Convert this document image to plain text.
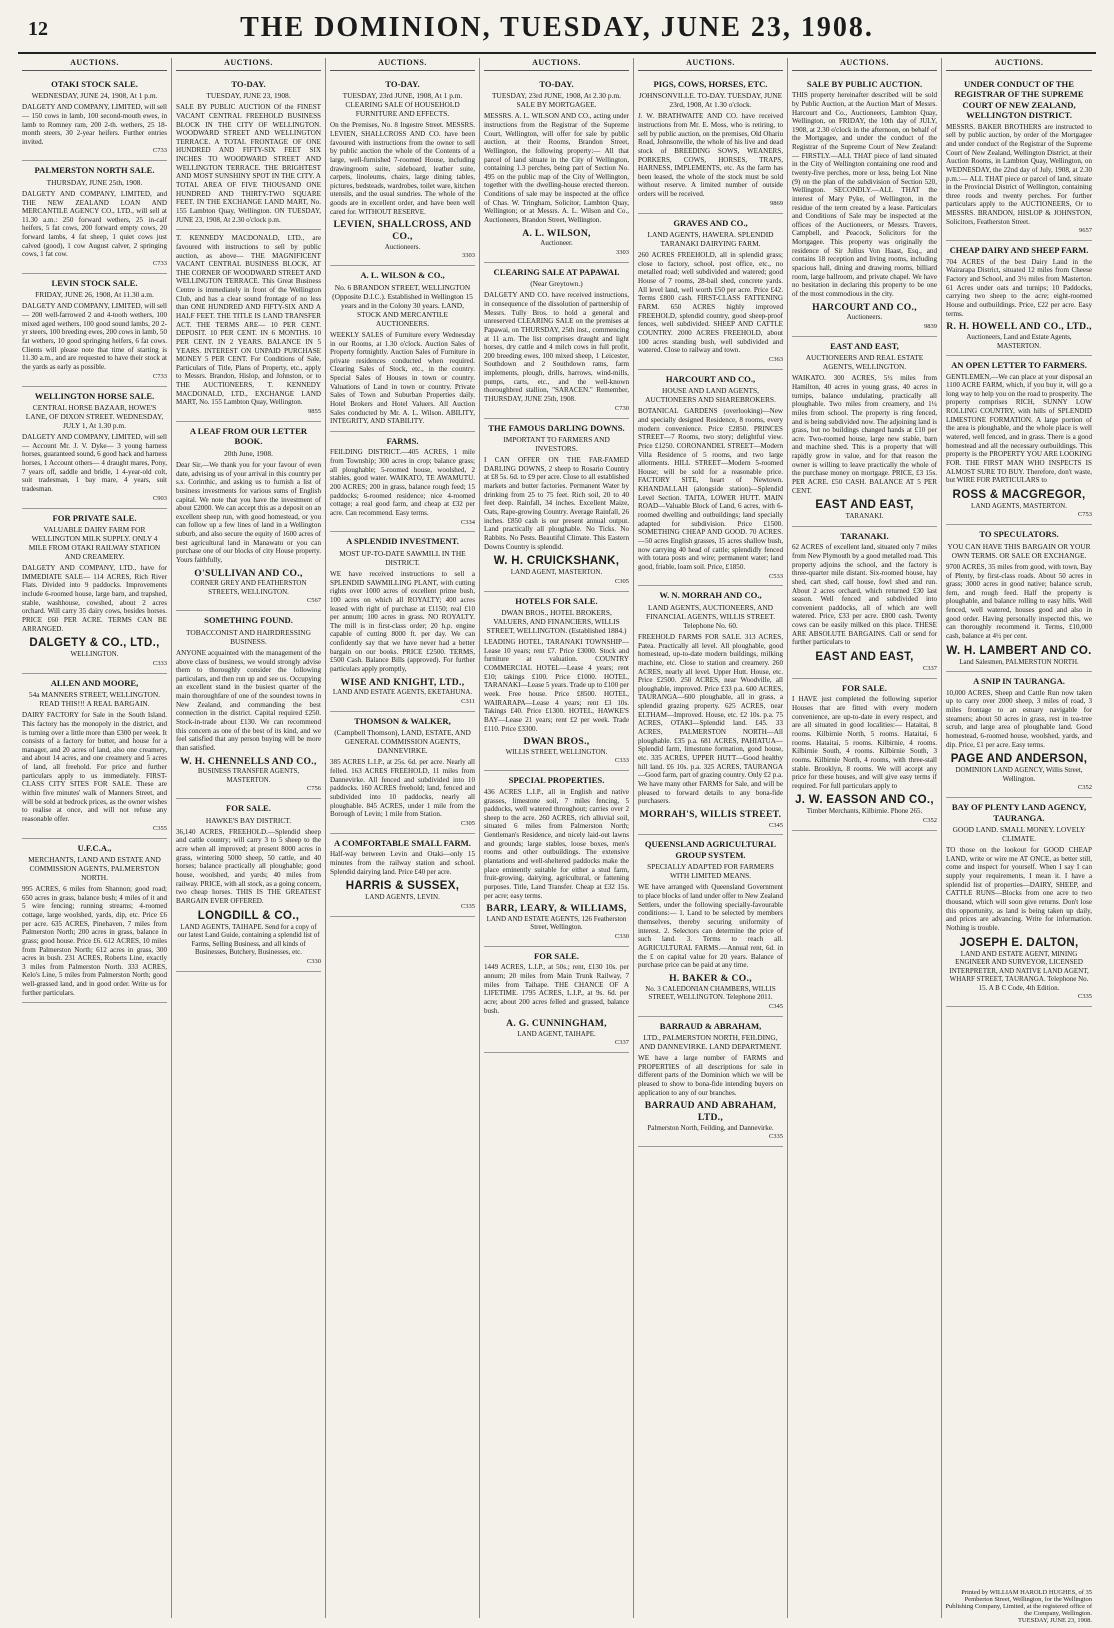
12	THE DOMINION, TUESDAY, JUNE 23, 1908.
AUCTIONS.
OTAKI STOCK SALE.
WEDNESDAY, JUNE 24, 1908, At 1 p.m.
DALGETY AND COMPANY, LIMITED, will sell— 150 cows in lamb, 100 second-mouth ewes, in lamb to Romney ram, 200 2-th. wethers, 25 18-month steers, 30 2-year heifers. Further entries invited.
C733
PALMERSTON NORTH SALE.
THURSDAY, JUNE 25th, 1908.
DALGETY AND COMPANY, LIMITED, and THE NEW ZEALAND LOAN AND MERCANTILE AGENCY CO., LTD., will sell at 11.30 a.m.: 250 forward wethers, 25 in-calf heifers, 5 fat cows, 200 forward empty cows, 20 forward lambs, 4 fat sheep, 1 quiet cows just calved (good), 1 cow August calver, 2 springing cows, 1 fat cow.
C733
LEVIN STOCK SALE.
FRIDAY, JUNE 26, 1908, At 11.30 a.m.
DALGETY AND COMPANY, LIMITED, will sell— 200 well-farrowed 2 and 4-tooth wethers, 100 mixed aged wethers, 100 good sound lambs, 20 2-yr steers, 100 breeding ewes, 200 cows in lamb, 50 fat wethers, 10 good springing heifers, 6 fat cows. Clients will please note that time of starting is 11.30 a.m., and are requested to have their stock at the yards as early as possible.
C733
WELLINGTON HORSE SALE.
CENTRAL HORSE BAZAAR, HOWE'S LANE, OF DIXON STREET. WEDNESDAY, JULY 1, At 1.30 p.m.
DALGETY AND COMPANY, LIMITED, will sell— Account Mr. J. V. Dyke— 3 young harness horses, guaranteed sound, 6 good hack and harness horses, 1 Account others— 4 draught mares, Pony, 7 years off, saddle and bridle, 1 4-year-old colt, suit tradesman, 1 bay mare, 4 years, suit tradesman.
C903
FOR PRIVATE SALE.
VALUABLE DAIRY FARM FOR WELLINGTON MILK SUPPLY. ONLY 4 MILE FROM OTAKI RAILWAY STATION AND CREAMERY.
DALGETY AND COMPANY, LTD., have for IMMEDIATE SALE— 114 ACRES, Rich River Flats. Divided into 9 paddocks. Improvements include 6-roomed house, large barn, and trapshed, stable, washhouse, cowshed, about 2 acres orchard. Will carry 35 dairy cows, besides horses. PRICE £60 PER ACRE. TERMS CAN BE ARRANGED.
DALGETY & CO., LTD.,
WELLINGTON.
C333
ALLEN AND MOORE,
54a MANNERS STREET, WELLINGTON. READ THIS!!! A REAL BARGAIN.
DAIRY FACTORY for Sale in the South Island. This factory has the monopoly in the district, and is turning over a little more than £300 per week. It consists of a factory for butter, and house for a manager, and 20 acres of land, also one creamery, and about 14 acres, and one creamery and 5 acres of land, all freehold. For price and further particulars apply to us immediately. FIRST-CLASS CITY SITES FOR SALE. These are within five minutes' walk of Manners Street, and will be sold at bedrock prices, as the owner wishes to realise at once, and will not refuse any reasonable offer.
C355
U.F.C.A.,
MERCHANTS, LAND AND ESTATE AND COMMISSION AGENTS, PALMERSTON NORTH.
995 ACRES, 6 miles from Shannon; good road; 650 acres in grass, balance bush; 4 miles of it and 5 wire fencing; running streams; 4-roomed cottage, large woolshed, yards, dip, etc. Price £6 per acre. 635 ACRES, Pinehaven, 7 miles from Palmerston North; 200 acres in grass, balance in grass; good house. Price £6. 612 ACRES, 10 miles from Palmerston North; 612 acres in grass, 300 acres in bush. 231 ACRES, Roberts Line, exactly 3 miles from Palmerston North. 333 ACRES, Kelo's Line, 5 miles from Palmerston North; good well-grassed land, and in good order. Write us for further particulars.
AUCTIONS.
TO-DAY.
TUESDAY, JUNE 23, 1908.
SALE BY PUBLIC AUCTION Of the FINEST VACANT CENTRAL FREEHOLD BUSINESS BLOCK IN THE CITY OF WELLINGTON. WOODWARD STREET AND WELLINGTON TERRACE. A TOTAL FRONTAGE OF ONE HUNDRED AND FIFTY-SIX FEET SIX INCHES TO WOODWARD STREET AND WELLINGTON TERRACE. THE BRIGHTEST AND MOST SUNSHINY SPOT IN THE CITY. A TOTAL AREA OF FIVE THOUSAND ONE HUNDRED AND THIRTY-TWO SQUARE FEET. IN THE EXCHANGE LAND MART, No. 155 Lambton Quay, Wellington. ON TUESDAY, JUNE 23, 1908, At 2.30 o'clock p.m.
T. KENNEDY MACDONALD, LTD., are favoured with instructions to sell by public auction, as above— THE MAGNIFICENT VACANT CENTRAL BUSINESS BLOCK, AT THE CORNER OF WOODWARD STREET AND WELLINGTON TERRACE. This Great Business Centre is immediately in front of the Wellington Club, and has a clear sound frontage of no less than ONE HUNDRED AND FIFTY-SIX AND A HALF FEET. THE TITLE IS LAND TRANSFER ACT. THE TERMS ARE— 10 PER CENT. DEPOSIT. 10 PER CENT. IN 6 MONTHS. 10 PER CENT. IN 2 YEARS. BALANCE IN 5 YEARS. INTEREST ON UNPAID PURCHASE MONEY 5 PER CENT. For Conditions of Sale, Particulars of Title, Plans of Property, etc., apply to Messrs. Brandon, Hislop, and Johnston, or to THE AUCTIONEERS, T. KENNEDY MACDONALD, LTD., EXCHANGE LAND MART, No. 155 Lambton Quay, Wellington.
9855
A LEAF FROM OUR LETTER BOOK.
20th June, 1908.
Dear Sir,—We thank you for your favour of even date, advising us of your arrival in this country per s.s. Corinthic, and asking us to furnish a list of business investments for various sums of English capital. We note that you have the investment of about £2000. We can accept this as a deposit on an excellent sheep run, with good homestead, or you can follow up a few lines of land in a Wellington suburb, and also secure the equity of 1600 acres of best agricultural land in Manawatu or you can purchase one of our blocks of city House property. Yours faithfully,
O'SULLIVAN AND CO.,
CORNER GREY AND FEATHERSTON STREETS, WELLINGTON.
C567
SOMETHING FOUND.
TOBACCONIST AND HAIRDRESSING BUSINESS.
ANYONE acquainted with the management of the above class of business, we would strongly advise them to thoroughly consider the following particulars, and then run up and see us. Occupying an excellent stand in the busiest quarter of the main thoroughfare of one of the soundest towns in New Zealand, and commanding the best connection in the district. Capital required £250. Stock-in-trade about £130. We can recommend this concern as one of the best of its kind, and we feel satisfied that any person buying will be more than satisfied.
W. H. CHENNELLS AND CO.,
BUSINESS TRANSFER AGENTS, MASTERTON.
C756
FOR SALE.
HAWKE'S BAY DISTRICT.
36,140 ACRES, FREEHOLD.—Splendid sheep and cattle country; will carry 3 to 5 sheep to the acre when all improved; at present 8000 acres in grass, wintering 5000 sheep, 50 cattle, and 40 horses; balance practically all ploughable; good house, woolshed, and yards; 40 miles from railway. PRICE, with all stock, as a going concern, two cheap horses. THIS IS THE GREATEST BARGAIN EVER OFFERED.
LONGDILL & CO.,
LAND AGENTS, TAIHAPE. Send for a copy of our latest Land Guide, containing a splendid list of Farms, Selling Business, and all kinds of Businesses, Butchery, Businesses, etc.
C330
AUCTIONS.
TO-DAY.
TUESDAY, 23rd JUNE, 1908, At 1 p.m. CLEARING SALE Of HOUSEHOLD FURNITURE AND EFFECTS.
On the Premises, No. 8 Ingestre Street. MESSRS. LEVIEN, SHALLCROSS AND CO. have been favoured with instructions from the owner to sell by public auction the whole of the Contents of a large, well-furnished 7-roomed House, including drawingroom suite, sideboard, leather suite, carpets, linoleums, chairs, large dining tables, pictures, bedsteads, wardrobes, toilet ware, kitchen utensils, and the usual sundries. The whole of the goods are in excellent order, and have been well cared for. WITHOUT RESERVE.
LEVIEN, SHALLCROSS, AND CO.,
Auctioneers.
3303
A. L. WILSON & CO.,
No. 6 BRANDON STREET, WELLINGTON (Opposite D.I.C.). Established in Wellington 15 years and in the Colony 30 years. LAND, STOCK AND MERCANTILE AUCTIONEERS.
WEEKLY SALES of Furniture every Wednesday in our Rooms, at 1.30 o'clock. Auction Sales of Property fortnightly. Auction Sales of Furniture in private residences conducted when required. Clearing Sales of Stock, etc., in the country. Special Sales of Houses in town or country. Valuations of Land in town or country. Private Sales of Town and Suburban Properties daily. Hotel Brokers and Hotel Valuers. All Auction Sales conducted by Mr. A. L. Wilson. ABILITY, INTEGRITY, AND STABILITY.
FARMS.
FEILDING DISTRICT.—405 ACRES, 1 mile from Township; 300 acres in crop; balance grass; all ploughable; 5-roomed house, woolshed, 2 stables, good water. WAIKATO, TE AWAMUTU. 200 ACRES; 200 in grass, balance rough feed; 15 paddocks; 6-roomed residence; nice 4-roomed cottage; a real good farm, and cheap at £32 per acre. Can recommend. Easy terms.
C334
A SPLENDID INVESTMENT.
MOST UP-TO-DATE SAWMILL IN THE DISTRICT.
WE have received instructions to sell a SPLENDID SAWMILLING PLANT, with cutting rights over 1000 acres of excellent prime bush, 100 acres on which all ROYALTY; 400 acres leased with right of purchase at £1150; real £10 per annum; 100 acres in grass. NO ROYALTY. The mill is in first-class order; 20 h.p. engine capable of cutting 8000 ft. per day. We can confidently say that we have never had a better bargain on our books. PRICE £2500. TERMS, £500 Cash. Balance Bills (approved). For further particulars apply promptly,
WISE AND KNIGHT, LTD.,
LAND AND ESTATE AGENTS, EKETAHUNA.
C311
THOMSON & WALKER,
(Campbell Thomson), LAND, ESTATE, AND GENERAL COMMISSION AGENTS, DANNEVIRKE.
385 ACRES L.I.P., at 25s. 6d. per acre. Nearly all felled. 163 ACRES FREEHOLD, 11 miles from Dannevirke. All fenced and subdivided into 10 paddocks. 160 ACRES freehold; land, fenced and subdivided into 10 paddocks, nearly all ploughable. 845 ACRES, under 1 mile from the Borough of Levin; 1 mile from Station.
C305
A COMFORTABLE SMALL FARM.
Half-way between Levin and Otaki—only 15 minutes from the railway station and school. Splendid dairying land. Price £40 per acre.
HARRIS & SUSSEX,
LAND AGENTS, LEVIN.
C335
AUCTIONS.
TO-DAY.
TUESDAY, 23rd JUNE, 1908, At 2.30 p.m. SALE BY MORTGAGEE.
MESSRS. A. L. WILSON AND CO., acting under instructions from the Registrar of the Supreme Court, Wellington, will offer for sale by public auction, at their Rooms, Brandon Street, Wellington, the following property:— All that parcel of land situate in the City of Wellington, containing 1.3 perches, being part of Section No. 495 on the public map of the City of Wellington, together with the dwelling-house erected thereon. Conditions of sale may be inspected at the office of Chas. W. Tringham, Solicitor, Lambton Quay, Wellington; or at Messrs. A. L. Wilson and Co., Auctioneers, Brandon Street, Wellington.
A. L. WILSON,
Auctioneer.
3303
CLEARING SALE AT PAPAWAI.
(Near Greytown.)
DALGETY AND CO. have received instructions, in consequence of the dissolution of partnership of Messrs. Tully Bros. to hold a general and unreserved CLEARING SALE on the premises at Papawai, on THURSDAY, 25th inst., commencing at 11 a.m. The list comprises draught and light horses, dry cattle and 4 milch cows in full profit, 200 breeding ewes, 100 mixed sheep, 1 Leicester, Southdown and 2 Southdown rams, farm implements, plough, drills, harrows, wind-mills, pumps, carts, etc., and the well-known thoroughbred stallion, "SARACEN." Remember, THURSDAY, JUNE 25th, 1908.
C730
THE FAMOUS DARLING DOWNS.
IMPORTANT TO FARMERS AND INVESTORS.
I CAN OFFER ON THE FAR-FAMED DARLING DOWNS, 2 sheep to Rosario Country at £8 5s. 6d. to £9 per acre. Close to all established markets and butter factories. Permanent Water by drinking from 25 to 75 feet. Rich soil, 20 to 40 feet deep. Rainfall, 34 inches. Excellent Maize, Oats, Rape-growing Country. Average Rainfall, 26 inches. £850 cash is our present annual output. Land practically all ploughable. No Ticks. No Rabbits. No Pests. Beautiful Climate. This Eastern Downs Country is splendid.
W. H. CRUICKSHANK,
LAND AGENT, MASTERTON.
C305
HOTELS FOR SALE.
DWAN BROS., HOTEL BROKERS, VALUERS, AND FINANCIERS, WILLIS STREET, WELLINGTON. (Established 1884.)
LEADING HOTEL, TARANAKI TOWNSHIP—Lease 10 years; rent £7. Price £3000. Stock and furniture at valuation. COUNTRY COMMERCIAL HOTEL—Lease 4 years; rent £10; takings £100. Price £1000. HOTEL, TARANAKI—Lease 5 years. Trade up to £100 per week. Free house. Price £8500. HOTEL, WAIRARAPA—Lease 4 years; rent £3 10s. Takings £40. Price £1300. HOTEL, HAWKE'S BAY—Lease 21 years; rent £2 per week. Trade £110. Price £3300.
DWAN BROS.,
WILLIS STREET, WELLINGTON.
C333
SPECIAL PROPERTIES.
436 ACRES L.I.P., all in English and native grasses, limestone soil, 7 miles fencing, 5 paddocks, well watered throughout; carries over 2 sheep to the acre. 260 ACRES, rich alluvial soil, situated 6 miles from Palmerston North; Gentleman's Residence, and nicely laid-out lawns and grounds; large stables, loose boxes, men's rooms and other outbuildings. The extensive plantations and well-sheltered paddocks make the place eminently suitable for either a stud farm, fruit-growing, dairying, agricultural, or fattening purposes. Title, Land Transfer. Cheap at £32 15s. per acre; easy terms.
BARR, LEARY, & WILLIAMS,
LAND AND ESTATE AGENTS, 126 Featherston Street, Wellington.
C330
FOR SALE.
1449 ACRES, L.I.P., at 50s.; rent, £130 10s. per annum; 20 miles from Main Trunk Railway, 7 miles from Taihape. THE CHANCE OF A LIFETIME. 1795 ACRES, L.I.P., at 9s. 6d. per acre; about 200 acres felled and grassed, balance bush.
A. G. CUNNINGHAM,
LAND AGENT, TAIHAPE.
C337
AUCTIONS.
PIGS, COWS, HORSES, ETC.
JOHNSONVILLE. TO-DAY. TUESDAY, JUNE 23rd, 1908, At 1.30 o'clock.
J. W. BRATHWAITE AND CO. have received instructions from Mr. E. Moss, who is retiring, to sell by public auction, on the premises, Old Ohariu Road, Johnsonville, the whole of his live and dead stock of BREEDING SOWS, WEANERS, PORKERS, COWS, HORSES, TRAPS, HARNESS, IMPLEMENTS, etc. As the farm has been leased, the whole of the stock must be sold without reserve. A limited number of outside orders will be received.
9869
GRAVES AND CO.,
LAND AGENTS, HAWERA. SPLENDID TARANAKI DAIRYING FARM.
260 ACRES FREEHOLD, all in splendid grass; close to factory, school, post office, etc., no metalled road; well subdivided and watered; good House of 7 rooms, 28-bail shed, concrete yards. All level land, well worth £50 per acre. Price £42. Terms £800 cash. FIRST-CLASS FATTENING FARM. 650 ACRES highly improved FREEHOLD, splendid country, good sheep-proof fences, well subdivided. SHEEP AND CATTLE COUNTRY. 2000 ACRES FREEHOLD, about 100 acres standing bush, well subdivided and watered. Close to railway and town.
C363
HARCOURT AND CO.,
HOUSE AND LAND AGENTS, AUCTIONEERS AND SHAREBROKERS.
BOTANICAL GARDENS (overlooking)—New and specially designed Residence, 8 rooms, every modern convenience. Price £2850. PRINCES STREET—7 Rooms, two story; delightful view. Price £1250. CORONANDEL STREET—Modern Villa Residence of 5 rooms, and two large allotments. HILL STREET—Modern 5-roomed House; will be sold for a reasonable price. FACTORY SITE, heart of Newtown. KHANDALLAH (alongside station)—Splendid Level Section. TAITA, LOWER HUTT. MAIN ROAD—Valuable Block of Land, 6 acres, with 6-roomed dwelling and outbuildings; land specially adapted for subdivision. Price £1500. SOMETHING CHEAP AND GOOD. 70 ACRES.—50 acres English grasses, 15 acres shallow bush, now carrying 40 head of cattle; splendidly fenced with totara posts and wire; permanent water; land good, friable, loam soil. Price, £1850.
C533
W. N. MORRAH AND CO.,
LAND AGENTS, AUCTIONEERS, AND FINANCIAL AGENTS, WILLIS STREET. Telephone No. 60.
FREEHOLD FARMS FOR SALE. 313 ACRES, Patea. Practically all level. All ploughable, good homestead, up-to-date modern buildings, milking machine, etc. Close to station and creamery. 260 ACRES, nearly all level. Upper Hutt. House, etc. Price £2500. 250 ACRES, near Woodville, all ploughable, improved. Price £33 p.a. 600 ACRES, TAURANGA—600 ploughable, all in grass, a splendid grazing property. 625 ACRES, near ELTHAM—Improved. House, etc. £2 10s. p.a. 75 ACRES, OTAKI—Splendid land. £45. 33 ACRES, PALMERSTON NORTH—All ploughable. £35 p.a. 681 ACRES, PAHIATUA—Splendid farm, limestone formation, good house, etc. 335 ACRES, UPPER HUTT—Good healthy hill land. £6 10s. p.a. 325 ACRES, TAURANGA—Good farm, part of grazing country. Only £2 p.a. We have many other FARMS for Sale, and will be pleased to forward details to any bona-fide purchasers.
MORRAH'S, WILLIS STREET.
C345
QUEENSLAND AGRICULTURAL GROUP SYSTEM.
SPECIALLY ADAPTED FOR FARMERS WITH LIMITED MEANS.
WE have arranged with Queensland Government to place blocks of land under offer to New Zealand Settlers, under the following specially-favourable conditions:— 1. Land to be selected by members themselves, thereby securing uniformity of interest. 2. Selectors can determine the price of such land. 3. Terms to reach all. AGRICULTURAL FARMS.—Annual rent, 6d. in the £ on capital value for 20 years. Balance of purchase price can be paid at any time.
H. BAKER & CO.,
No. 3 CALEDONIAN CHAMBERS, WILLIS STREET, WELLINGTON. Telephone 2011.
C345
BARRAUD & ABRAHAM,
LTD., PALMERSTON NORTH, FEILDING, AND DANNEVIRKE. LAND DEPARTMENT.
WE have a large number of FARMS and PROPERTIES of all descriptions for sale in different parts of the Dominion which we will be pleased to show to bona-fide intending buyers on application to any of our branches.
BARRAUD AND ABRAHAM, LTD.,
Palmerston North, Feilding, and Dannevirke.
C335
AUCTIONS.
SALE BY PUBLIC AUCTION.
THIS property hereinafter described will be sold by Public Auction, at the Auction Mart of Messrs. Harcourt and Co., Auctioneers, Lambton Quay, Wellington, on FRIDAY, the 10th day of JULY, 1908, at 2.30 o'clock in the afternoon, on behalf of the Mortgagee, and under the conduct of the Registrar of the Supreme Court of New Zealand:— FIRSTLY.—ALL THAT piece of land situated in the City of Wellington containing one rood and twenty-five perches, more or less, being Lot Nine (9) on the plan of the subdivision of Section 520, Wellington. SECONDLY.—ALL THAT the interest of Mary Pyke, of Wellington, in the residue of the term created by a lease. Particulars and Conditions of Sale may be inspected at the offices of the Auctioneers, or Messrs. Travers, Campbell, and Peacock, Solicitors for the Mortgagee. This property was originally the residence of Sir Julius Von Haast, Esq., and contains 18 reception and living rooms, including spacious hall, dining and drawing rooms, billiard room, large ballroom, and private chapel. We have no hesitation in declaring this property to be one of the most commodious in the city.
HARCOURT AND CO.,
Auctioneers.
9839
EAST AND EAST,
AUCTIONEERS AND REAL ESTATE AGENTS, WELLINGTON.
WAIKATO. 300 ACRES, 5½ miles from Hamilton, 40 acres in young grass, 40 acres in turnips, balance undulating, practically all ploughable. Two miles from creamery, and 1¼ miles from school. The property is ring fenced, and is being subdivided now. The adjoining land is grass, but no buildings changed hands at £10 per acre. Two-roomed house, large new stable, barn and machine shed. This is a property that will rapidly grow in value, and for that reason the owner is willing to leave practically the whole of the purchase money on mortgage. PRICE, £3 15s. PER ACRE. £50 CASH. BALANCE AT 5 PER CENT.
EAST AND EAST,
TARANAKI.
TARANAKI.
62 ACRES of excellent land, situated only 7 miles from New Plymouth by a good metalled road. This property adjoins the school, and the factory is three-quarter mile distant. Six-roomed house, hay shed, cart shed, calf house, fowl shed and run. About 2 acres orchard, which returned £30 last season. Well fenced and subdivided into convenient paddocks, all of which are well watered. Price, £33 per acre. £800 cash. Twenty cows can be easily milked on this place. THESE ARE ABSOLUTE BARGAINS. Call or send for further particulars to
EAST AND EAST,
C337
FOR SALE.
I HAVE just completed the following superior Houses that are fitted with every modern convenience, are up-to-date in every respect, and are all situated in good localities:— Hataitai, 8 rooms. Kilbirnie North, 5 rooms. Hataitai, 6 rooms. Hataitai, 5 rooms. Kilbirnie, 4 rooms. Kilbirnie South, 4 rooms. Kilbirnie South, 3 rooms. Kilbirnie North, 4 rooms, with three-stall stable. Brooklyn, 8 rooms. We will accept any price for these houses, and will give easy terms if required. For full particulars apply to
J. W. EASSON AND CO.,
Timber Merchants, Kilbirnie. Phone 265.
C352
AUCTIONS.
UNDER CONDUCT OF THE REGISTRAR OF THE SUPREME COURT OF NEW ZEALAND, WELLINGTON DISTRICT.
MESSRS. BAKER BROTHERS are instructed to sell by public auction, by order of the Mortgagee and under conduct of the Registrar of the Supreme Court of New Zealand, Wellington District, at their Auction Rooms, in Lambton Quay, Wellington, on WEDNESDAY, the 22nd day of July, 1908, at 2.30 p.m.:— ALL THAT piece or parcel of land, situate in the Provincial District of Wellington, containing three roods and twenty perches. For further particulars apply to the AUCTIONEERS, Or to MESSRS. BRANDON, HISLOP & JOHNSTON, Solicitors, Featherston Street.
9657
CHEAP DAIRY AND SHEEP FARM.
704 ACRES of the best Dairy Land in the Wairarapa District, situated 12 miles from Cheese Factory and School, and 3½ miles from Masterton. 61 Acres under oats and turnips; 10 Paddocks, carrying two sheep to the acre; eight-roomed House and outbuildings. Price, £22 per acre. Easy terms.
R. H. HOWELL AND CO., LTD.,
Auctioneers, Land and Estate Agents, MASTERTON.
AN OPEN LETTER TO FARMERS.
GENTLEMEN,—We can place at your disposal an 1100 ACRE FARM, which, if you buy it, will go a long way to help you on the road to prosperity. The property comprises RICH, SUNNY LOW ROLLING COUNTRY, with hills of SPLENDID LIMESTONE FORMATION. A large portion of the area is ploughable, and the whole place is well watered, well fenced, and in grass. There is a good homestead and all the necessary outbuildings. This property is the PROPERTY YOU ARE LOOKING FOR. THE FIRST MAN WHO INSPECTS IS ALMOST SURE TO BUY. Therefore, don't waste, but WIRE FOR PARTICULARS to
ROSS & MACGREGOR,
LAND AGENTS, MASTERTON.
C753
TO SPECULATORS.
YOU CAN HAVE THIS BARGAIN OR YOUR OWN TERMS. OR SALE OR EXCHANGE.
9700 ACRES, 35 miles from good, with town, Bay of Plenty, by first-class roads. About 50 acres in grass; 3000 acres in good native; balance scrub, fern, and rough feed. Half the property is ploughable, and balance rolling to easy hills. Well fenced, well watered, houses good and also in good order. Having personally inspected this, we can thoroughly recommend it. Terms, £10,000 cash, balance at 4½ per cent.
W. H. LAMBERT AND CO.
Land Salesmen, PALMERSTON NORTH.
A SNIP IN TAURANGA.
10,000 ACRES, Sheep and Cattle Run now taken up to carry over 2000 sheep, 3 miles of road, 3 miles frontage to an estuary navigable for steamers; about 50 acres in grass, rest in tea-tree scrub, and large area of ploughable land. Good homestead, 6-roomed house, woolshed, yards, and dip. Price, £1 per acre. Easy terms.
PAGE AND ANDERSON,
DOMINION LAND AGENCY, Willis Street, Wellington.
C352
BAY OF PLENTY LAND AGENCY, TAURANGA.
GOOD LAND. SMALL MONEY. LOVELY CLIMATE.
TO those on the lookout for GOOD CHEAP LAND, write or wire me AT ONCE, as better still, come and inspect for yourself. When I say I can supply your requirements, I mean it. I have a splendid list of properties—DAIRY, SHEEP, and CATTLE RUNS—Blocks from one acre to two thousand, which will soon give returns. Don't lose this opportunity, as land is being taken up daily, and prices are advancing. Write for information. Nothing is trouble.
JOSEPH E. DALTON,
LAND AND ESTATE AGENT, MINING ENGINEER AND SURVEYOR, LICENSED INTERPRETER, AND NATIVE LAND AGENT, WHARF STREET, TAURANGA. Telephone No. 15. A B C Code, 4th Edition.
C335
Printed by WILLIAM HAROLD HUGHES, of 35 Pemberton Street, Wellington, for the Wellington Publishing Company, Limited, at the registered office of the Company, Wellington.
TUESDAY, JUNE 23, 1908.
